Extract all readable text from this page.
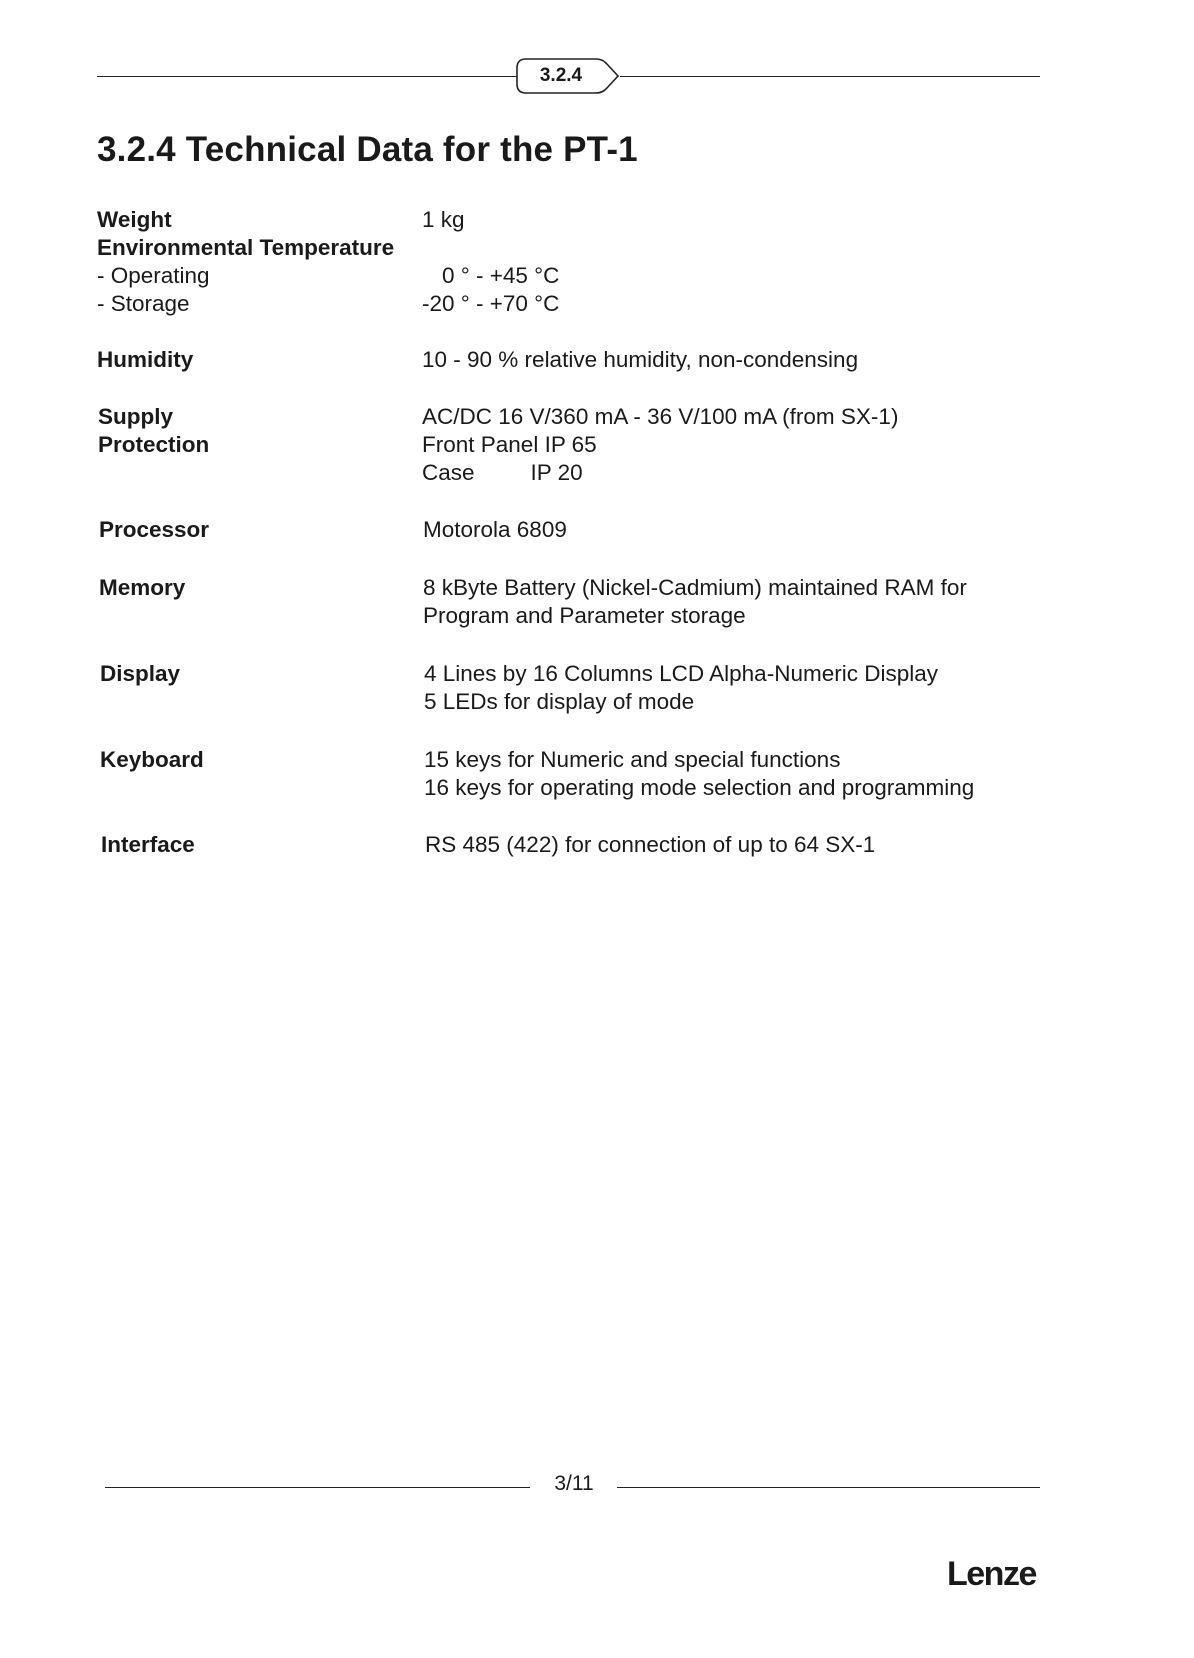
3.2.4
3.2.4 Technical Data for the PT-1
Weight	1 kg
Environmental Temperature
- Operating	0 ° - +45 °C
- Storage	-20 ° - +70 °C
Humidity	10 - 90 % relative humidity, non-condensing
Supply	AC/DC 16 V/360 mA - 36 V/100 mA (from SX-1)
Protection	Front Panel IP 65
Case IP 20
Processor	Motorola 6809
Memory	8 kByte Battery (Nickel-Cadmium) maintained RAM for
Program and Parameter storage
Display	4 Lines by 16 Columns LCD Alpha-Numeric Display
5 LEDs for display of mode
Keyboard	15 keys for Numeric and special functions
16 keys for operating mode selection and programming
Interface	RS 485 (422) for connection of up to 64 SX-1
3/11
Lenze
